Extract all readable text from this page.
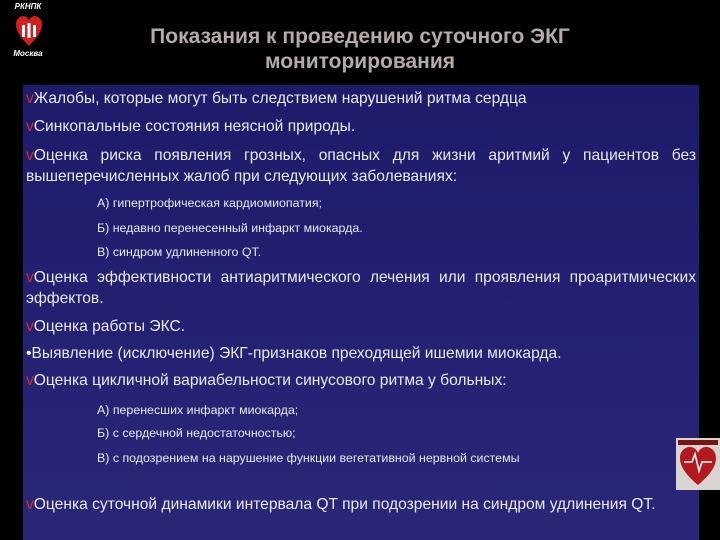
РКНПК
Москва
Показания к проведению суточного ЭКГ
мониторирования
vЖалобы, которые могут быть следствием нарушений ритма сердца
vСинкопальные состояния неясной природы.
vОценка риска появления грозных, опасных для жизни аритмий у пациентов без вышеперечисленных жалоб при следующих заболеваниях:
А) гипертрофическая кардиомиопатия;
Б) недавно перенесенный инфаркт миокарда.
В) синдром удлиненного QT.
vОценка эффективности антиаритмического лечения или проявления проаритмических эффектов.
vОценка работы ЭКС.
•Выявление (исключение) ЭКГ-признаков преходящей ишемии миокарда.
vОценка цикличной вариабельности синусового ритма у больных:
А) перенесших инфаркт миокарда;
Б) с сердечной недостаточностью;
В) с подозрением на нарушение функции вегетативной нервной системы
vОценка суточной динамики интервала QT при подозрении на синдром удлинения QT.
